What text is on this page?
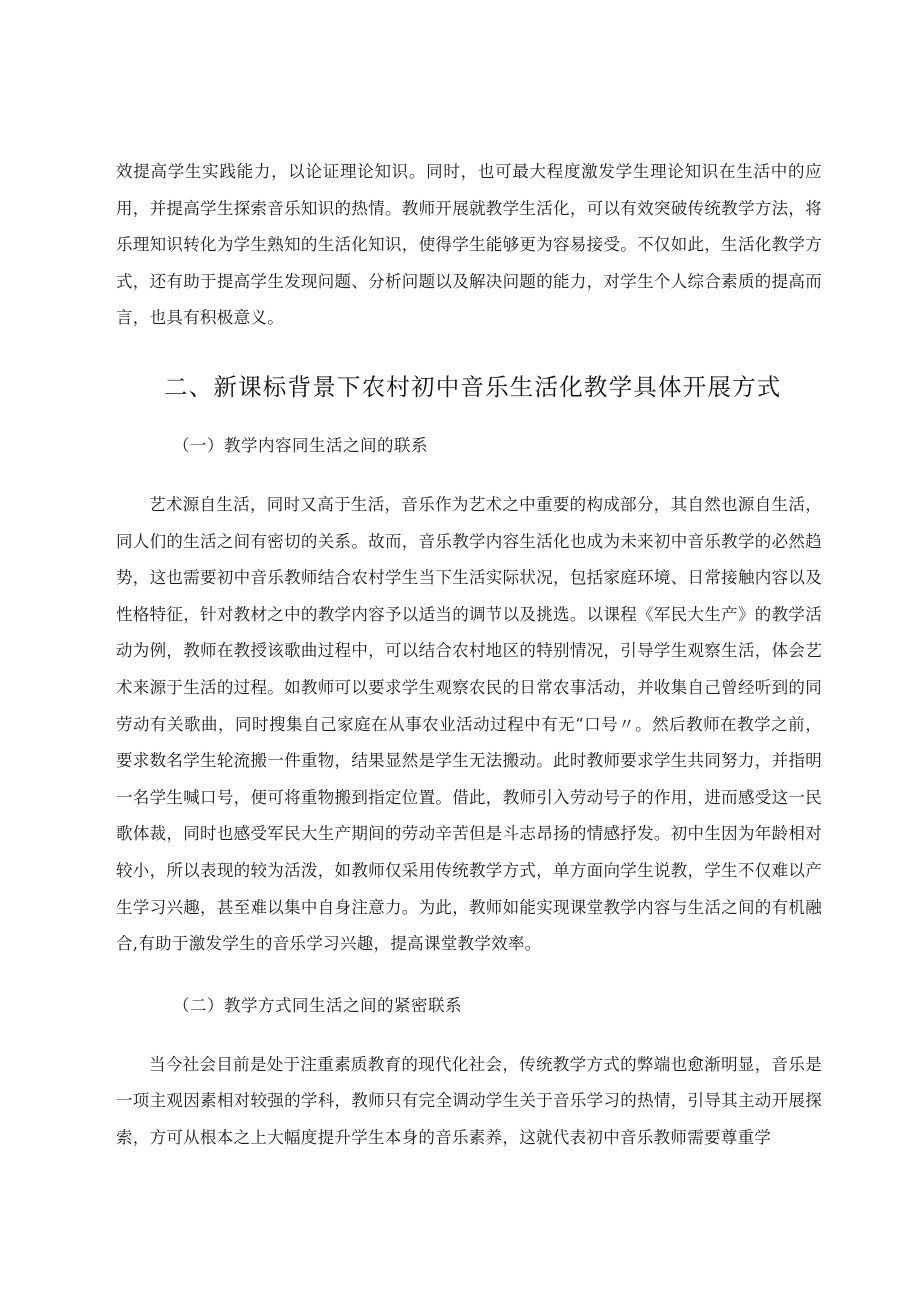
效提高学生实践能力，以论证理论知识。同时，也可最大程度激发学生理论知识在生活中的应用，并提高学生探索音乐知识的热情。教师开展就教学生活化，可以有效突破传统教学方法，将乐理知识转化为学生熟知的生活化知识，使得学生能够更为容易接受。不仅如此，生活化教学方式，还有助于提高学生发现问题、分析问题以及解决问题的能力，对学生个人综合素质的提高而言，也具有积极意义。

二、新课标背景下农村初中音乐生活化教学具体开展方式
（一）教学内容同生活之间的联系

艺术源自生活，同时又高于生活，音乐作为艺术之中重要的构成部分，其自然也源自生活，同人们的生活之间有密切的关系。故而，音乐教学内容生活化也成为未来初中音乐教学的必然趋势，这也需要初中音乐教师结合农村学生当下生活实际状况，包括家庭环境、日常接触内容以及性格特征，针对教材之中的教学内容予以适当的调节以及挑选。以课程《军民大生产》的教学活动为例，教师在教授该歌曲过程中，可以结合农村地区的特别情况，引导学生观察生活，体会艺术来源于生活的过程。如教师可以要求学生观察农民的日常农事活动，并收集自己曾经听到的同劳动有关歌曲，同时搜集自己家庭在从事农业活动过程中有无“口号〃。然后教师在教学之前，要求数名学生轮流搬一件重物，结果显然是学生无法搬动。此时教师要求学生共同努力，并指明一名学生喊口号，便可将重物搬到指定位置。借此，教师引入劳动号子的作用，进而感受这一民歌体裁，同时也感受军民大生产期间的劳动辛苦但是斗志昂扬的情感抒发。初中生因为年龄相对较小，所以表现的较为活泼，如教师仅采用传统教学方式，单方面向学生说教，学生不仅难以产生学习兴趣，甚至难以集中自身注意力。为此，教师如能实现课堂教学内容与生活之间的有机融合,有助于激发学生的音乐学习兴趣，提高课堂教学效率。

（二）教学方式同生活之间的紧密联系

当今社会目前是处于注重素质教育的现代化社会，传统教学方式的弊端也愈渐明显，音乐是一项主观因素相对较强的学科，教师只有完全调动学生关于音乐学习的热情，引导其主动开展探索，方可从根本之上大幅度提升学生本身的音乐素养，这就代表初中音乐教师需要尊重学
